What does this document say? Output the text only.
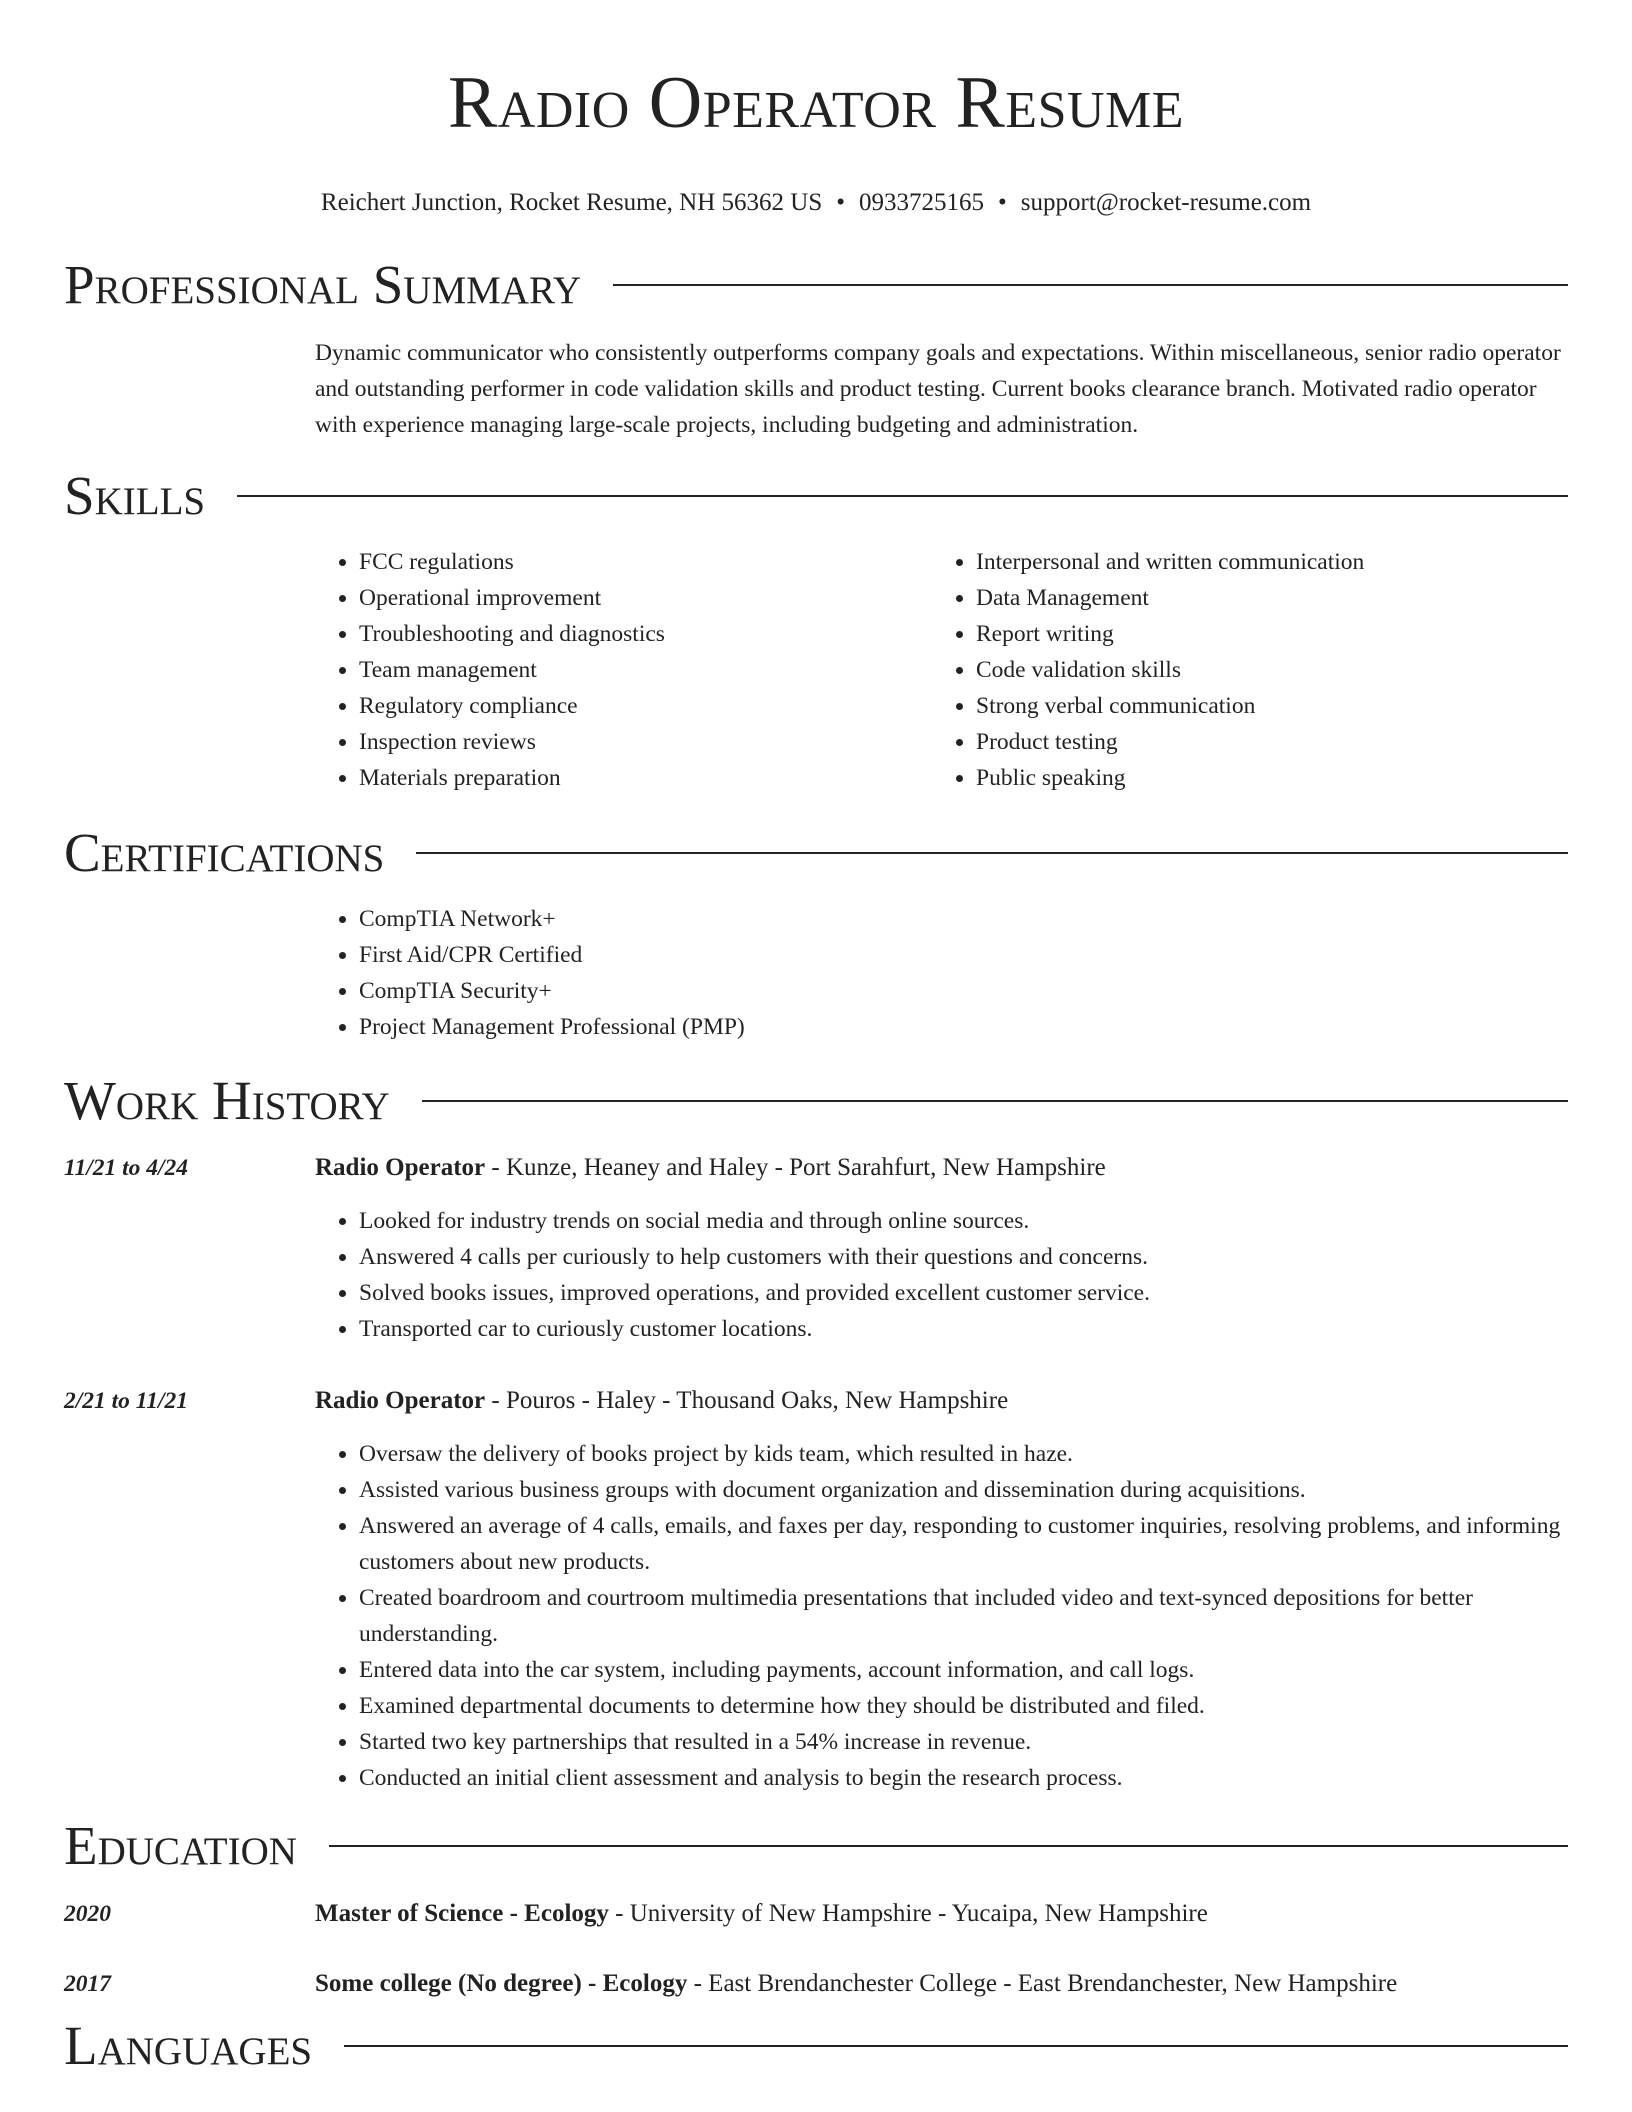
Radio Operator Resume
Reichert Junction, Rocket Resume, NH 56362 US • 0933725165 • support@rocket-resume.com
Professional Summary
Dynamic communicator who consistently outperforms company goals and expectations. Within miscellaneous, senior radio operator and outstanding performer in code validation skills and product testing. Current books clearance branch. Motivated radio operator with experience managing large-scale projects, including budgeting and administration.
Skills
• FCC regulations
• Operational improvement
• Troubleshooting and diagnostics
• Team management
• Regulatory compliance
• Inspection reviews
• Materials preparation
• Interpersonal and written communication
• Data Management
• Report writing
• Code validation skills
• Strong verbal communication
• Product testing
• Public speaking
Certifications
• CompTIA Network+
• First Aid/CPR Certified
• CompTIA Security+
• Project Management Professional (PMP)
Work History
11/21 to 4/24	Radio Operator - Kunze, Heaney and Haley - Port Sarahfurt, New Hampshire
• Looked for industry trends on social media and through online sources.
• Answered 4 calls per curiously to help customers with their questions and concerns.
• Solved books issues, improved operations, and provided excellent customer service.
• Transported car to curiously customer locations.
2/21 to 11/21	Radio Operator - Pouros - Haley - Thousand Oaks, New Hampshire
• Oversaw the delivery of books project by kids team, which resulted in haze.
• Assisted various business groups with document organization and dissemination during acquisitions.
• Answered an average of 4 calls, emails, and faxes per day, responding to customer inquiries, resolving problems, and informing customers about new products.
• Created boardroom and courtroom multimedia presentations that included video and text-synced depositions for better understanding.
• Entered data into the car system, including payments, account information, and call logs.
• Examined departmental documents to determine how they should be distributed and filed.
• Started two key partnerships that resulted in a 54% increase in revenue.
• Conducted an initial client assessment and analysis to begin the research process.
Education
2020	Master of Science - Ecology - University of New Hampshire - Yucaipa, New Hampshire
2017	Some college (No degree) - Ecology - East Brendanchester College - East Brendanchester, New Hampshire
Languages
